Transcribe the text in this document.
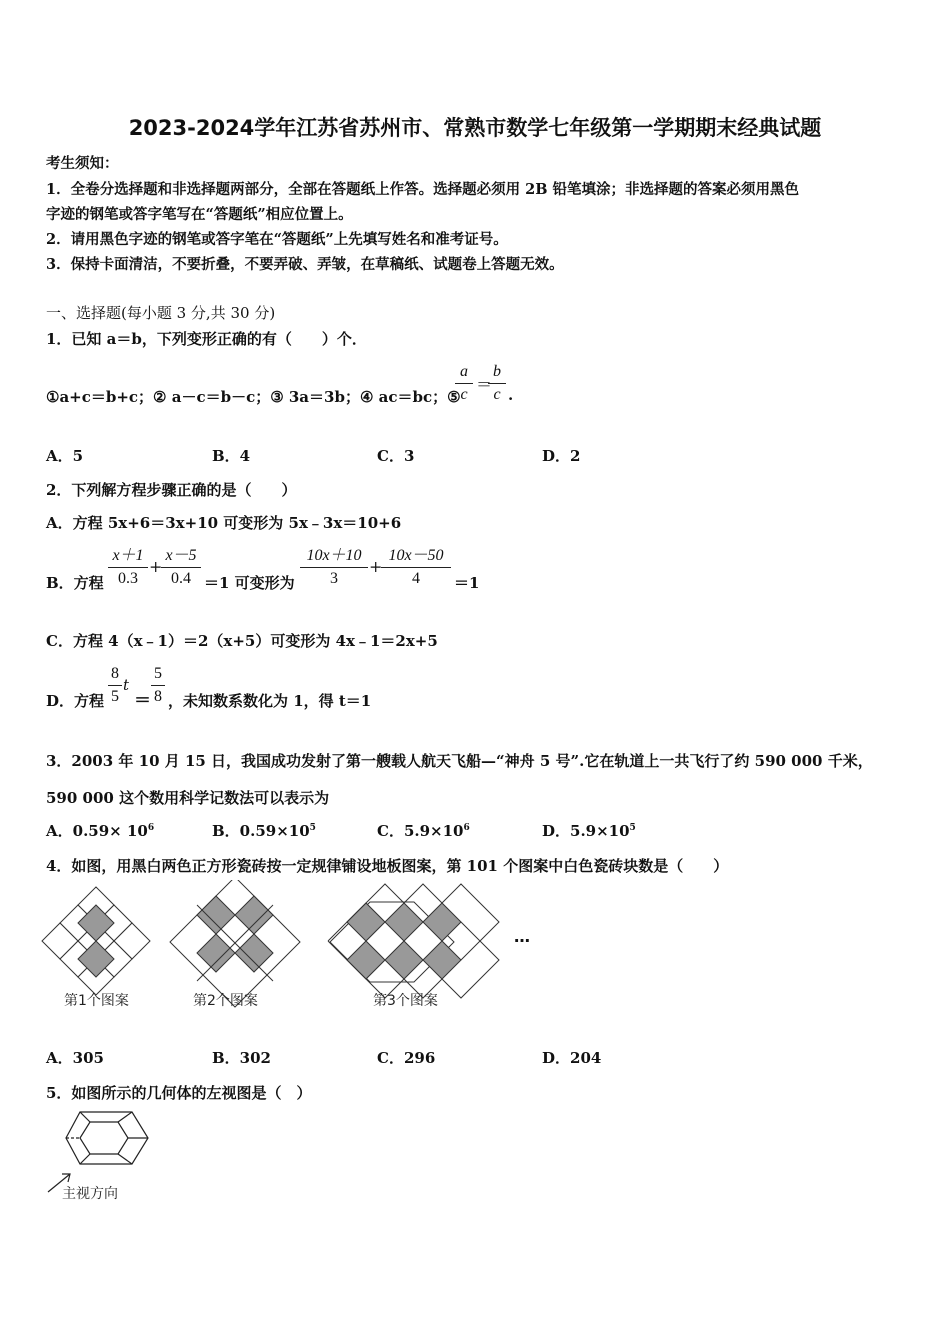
2023-2024学年江苏省苏州市、常熟市数学七年级第一学期期末经典试题
考生须知：
1．全卷分选择题和非选择题两部分，全部在答题纸上作答。选择题必须用 2B 铅笔填涂；非选择题的答案必须用黑色
字迹的钢笔或答字笔写在“答题纸”相应位置上。
2．请用黑色字迹的钢笔或答字笔在“答题纸”上先填写姓名和准考证号。
3．保持卡面清洁，不要折叠，不要弄破、弄皱，在草稿纸、试题卷上答题无效。
一、选择题(每小题 3 分,共 30 分)
1．已知 a＝b，下列变形正确的有（　　）个．
①a+c＝b+c；② a－c＝b－c；③ 3a＝3b；④ ac＝bc；⑤
a
c
＝
b
c .
A．5	B．4	C．3	D．2
2．下列解方程步骤正确的是（　　）
A．方程 5x+6＝3x+10 可变形为 5x﹣3x＝10+6
B．方程
x＋1
0.3
+
x－5
0.4 ＝1 可变形为
10x＋10
3
+
10x－50
4	＝1
C．方程 4（x﹣1）＝2（x+5）可变形为 4x﹣1＝2x+5
D．方程
8
5
t
＝
5
8 ，未知数系数化为 1，得 t＝1
3．2003 年 10 月 15 日，我国成功发射了第一艘载人航天飞船—“神舟 5 号”.它在轨道上一共飞行了约 590 000 千米，
590 000 这个数用科学记数法可以表示为
A．$0.59\times 10^6$	B．$0.59\times 10^5$	C．$5.9\times 10^6$	D．$5.9\times 10^5$
4．如图，用黑白两色正方形瓷砖按一定规律铺设地板图案，第 101 个图案中白色瓷砖块数是（　　）
…
第1个图案	第2个图案	第3个图案
A．305	B．302	C．296	D．204
5．如图所示的几何体的左视图是（　）
主视方向
